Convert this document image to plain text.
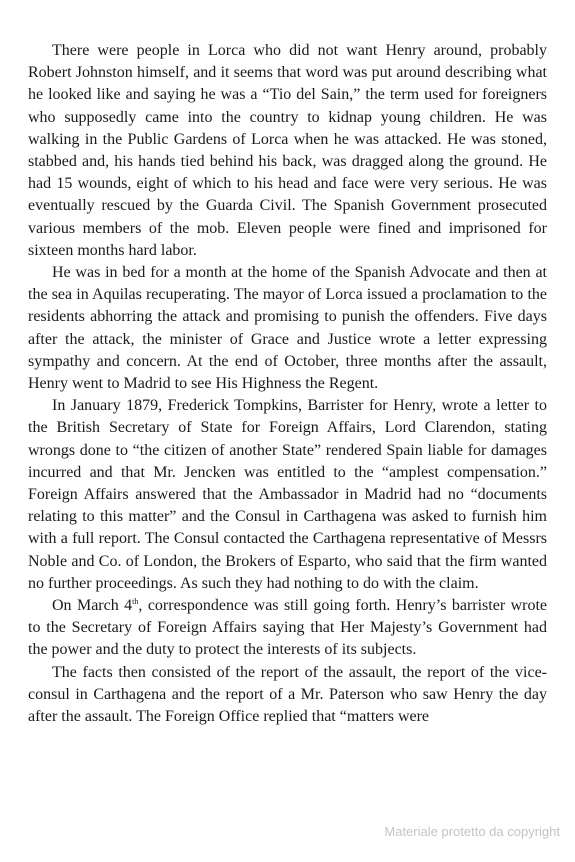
There were people in Lorca who did not want Henry around, probably Robert Johnston himself, and it seems that word was put around describing what he looked like and saying he was a “Tio del Sain,” the term used for foreigners who supposedly came into the country to kidnap young children. He was walking in the Public Gardens of Lorca when he was attacked. He was stoned, stabbed and, his hands tied behind his back, was dragged along the ground. He had 15 wounds, eight of which to his head and face were very serious. He was eventually rescued by the Guarda Civil. The Spanish Government prosecuted various members of the mob. Eleven people were fined and imprisoned for sixteen months hard labor.

He was in bed for a month at the home of the Spanish Advocate and then at the sea in Aquilas recuperating. The mayor of Lorca issued a proclamation to the residents abhorring the attack and promising to punish the offenders. Five days after the attack, the minister of Grace and Justice wrote a letter expressing sympathy and concern. At the end of October, three months after the assault, Henry went to Madrid to see His Highness the Regent.

In January 1879, Frederick Tompkins, Barrister for Henry, wrote a letter to the British Secretary of State for Foreign Affairs, Lord Clarendon, stating wrongs done to “the citizen of another State” rendered Spain liable for damages incurred and that Mr. Jencken was entitled to the “amplest compensation.” Foreign Affairs answered that the Ambassador in Madrid had no “documents relating to this matter” and the Consul in Carthagena was asked to furnish him with a full report. The Consul contacted the Carthagena representative of Messrs Noble and Co. of London, the Brokers of Esparto, who said that the firm wanted no further proceedings. As such they had nothing to do with the claim.

On March 4th, correspondence was still going forth. Henry’s barrister wrote to the Secretary of Foreign Affairs saying that Her Majesty’s Government had the power and the duty to protect the interests of its subjects.

The facts then consisted of the report of the assault, the report of the vice-consul in Carthagena and the report of a Mr. Paterson who saw Henry the day after the assault. The Foreign Office replied that “matters were

Materiale protetto da copyright
